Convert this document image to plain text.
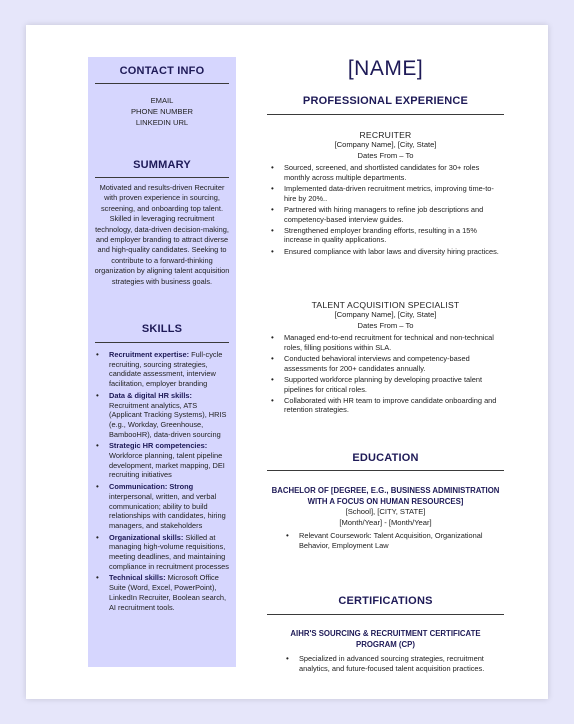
CONTACT INFO
EMAIL
PHONE NUMBER
LINKEDIN URL
SUMMARY
Motivated and results-driven Recruiter with proven experience in sourcing, screening, and onboarding top talent. Skilled in leveraging recruitment technology, data-driven decision-making, and employer branding to attract diverse and high-quality candidates. Seeking to contribute to a forward-thinking organization by aligning talent acquisition strategies with business goals.
SKILLS
• Recruitment expertise: Full-cycle recruiting, sourcing strategies, candidate assessment, interview facilitation, employer branding
• Data & digital HR skills: Recruitment analytics, ATS (Applicant Tracking Systems), HRIS (e.g., Workday, Greenhouse, BambooHR), data-driven sourcing
• Strategic HR competencies: Workforce planning, talent pipeline development, market mapping, DEI recruiting initiatives
• Communication: Strong interpersonal, written, and verbal communication; ability to build relationships with candidates, hiring managers, and stakeholders
• Organizational skills: Skilled at managing high-volume requisitions, meeting deadlines, and maintaining compliance in recruitment processes
• Technical skills: Microsoft Office Suite (Word, Excel, PowerPoint), LinkedIn Recruiter, Boolean search, AI recruitment tools.
[NAME]
PROFESSIONAL EXPERIENCE
RECRUITER
[Company Name], [City, State]
Dates From – To
• Sourced, screened, and shortlisted candidates for 30+ roles monthly across multiple departments.
• Implemented data-driven recruitment metrics, improving time-to-hire by 20%..
• Partnered with hiring managers to refine job descriptions and competency-based interview guides.
• Strengthened employer branding efforts, resulting in a 15% increase in quality applications.
• Ensured compliance with labor laws and diversity hiring practices.
TALENT ACQUISITION SPECIALIST
[Company Name], [City, State]
Dates From – To
• Managed end-to-end recruitment for technical and non-technical roles, filling positions within SLA.
• Conducted behavioral interviews and competency-based assessments for 200+ candidates annually.
• Supported workforce planning by developing proactive talent pipelines for critical roles.
• Collaborated with HR team to improve candidate onboarding and retention strategies.
EDUCATION
BACHELOR OF [DEGREE, E.G., BUSINESS ADMINISTRATION WITH A FOCUS ON HUMAN RESOURCES]
[School], [CITY, STATE]
[Month/Year] - [Month/Year]
• Relevant Coursework: Talent Acquisition, Organizational Behavior, Employment Law
CERTIFICATIONS
AIHR'S SOURCING & RECRUITMENT CERTIFICATE PROGRAM (CP)
• Specialized in advanced sourcing strategies, recruitment analytics, and future-focused talent acquisition practices.
